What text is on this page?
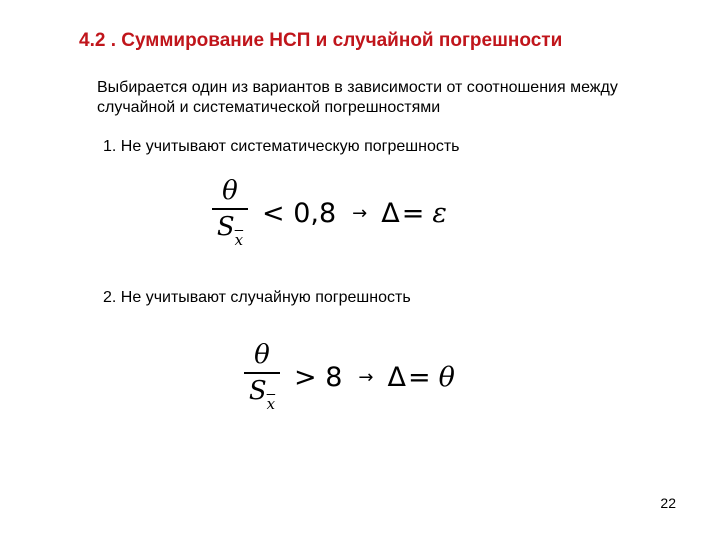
4.2 . Суммирование НСП и случайной погрешности
Выбирается один из вариантов в зависимости от соотношения между случайной и систематической погрешностями
1. Не учитывают систематическую погрешность
$\frac{\theta}{S_{\overline{x}}} < 0,8 \to \Delta = \varepsilon$
2. Не учитывают случайную погрешность
$\frac{\theta}{S_{\overline{x}}} > 8 \to \Delta = \theta$
22
